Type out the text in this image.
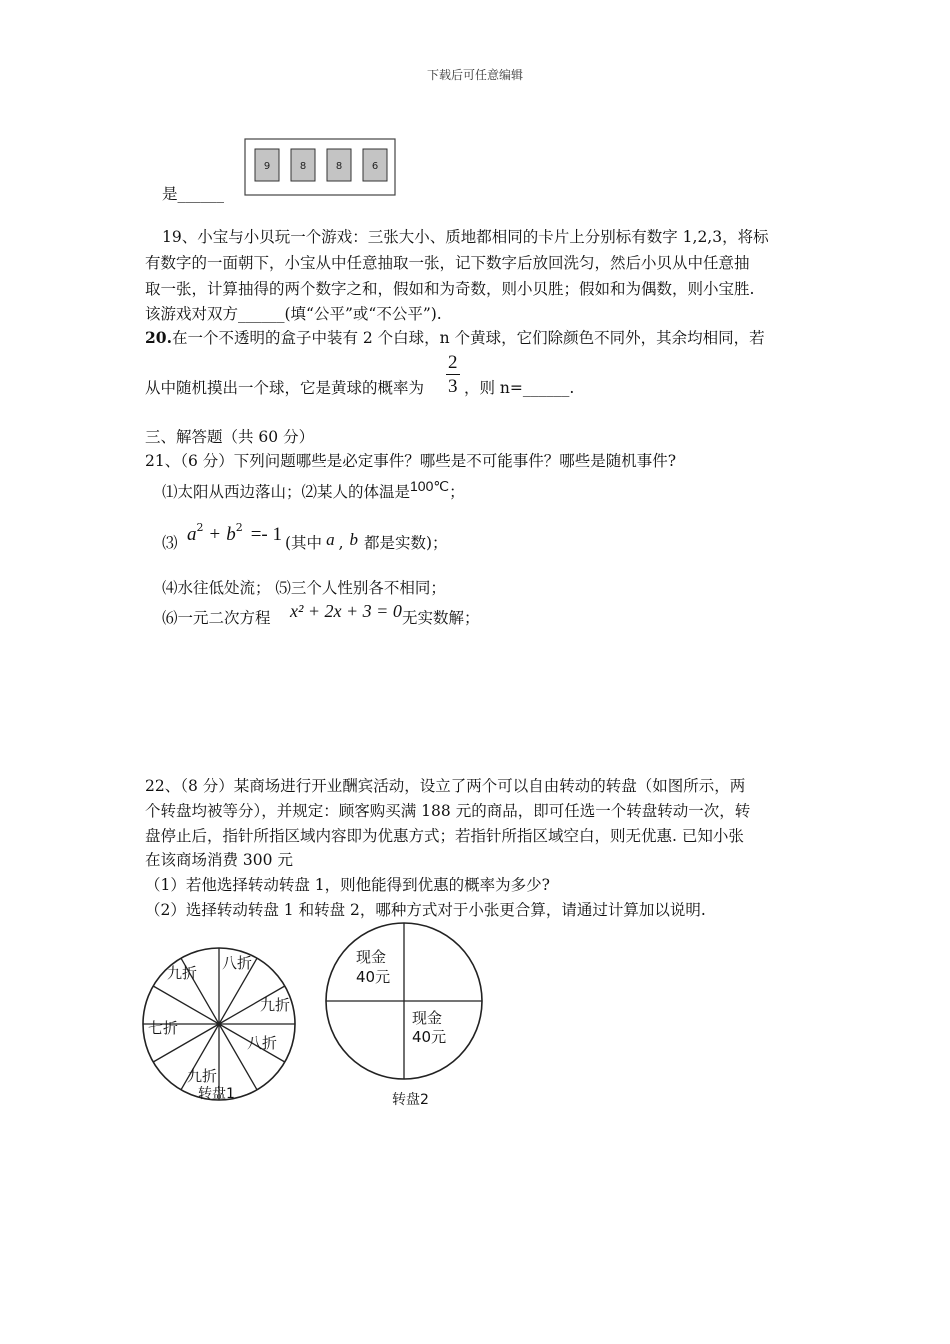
下载后可任意编辑
是______
9	8	8	6
19、小宝与小贝玩一个游戏：三张大小、质地都相同的卡片上分别标有数字 1,2,3，将标
有数字的一面朝下，小宝从中任意抽取一张，记下数字后放回洗匀，然后小贝从中任意抽
取一张，计算抽得的两个数字之和，假如和为奇数，则小贝胜；假如和为偶数，则小宝胜.
该游戏对双方______(填“公平”或“不公平”).
20.在一个不透明的盒子中装有 2 个白球，n 个黄球，它们除颜色不同外，其余均相同，若
2
3
从中随机摸出一个球，它是黄球的概率为	，则 n=______.
三、解答题（共 60 分）
21、（6 分）下列问题哪些是必定事件？哪些是不可能事件？哪些是随机事件?
⑴太阳从西边落山；⑵某人的体温是100℃；
⑶ $a^2 + b^2 =- 1$ (其中 a , b 都是实数)；
⑷水往低处流； ⑸三个人性别各不相同；
⑹一元二次方程 x² + 2x + 3 = 0 无实数解；
22、（8 分）某商场进行开业酬宾活动，设立了两个可以自由转动的转盘（如图所示，两
个转盘均被等分），并规定：顾客购买满 188 元的商品，即可任选一个转盘转动一次，转
盘停止后，指针所指区域内容即为优惠方式；若指针所指区域空白，则无优惠. 已知小张
在该商场消费 300 元
（1）若他选择转动转盘 1，则他能得到优惠的概率为多少?
（2）选择转动转盘 1 和转盘 2，哪种方式对于小张更合算，请通过计算加以说明.
八折
九折
九折
七折
八折
九折
转盘1
现金
40元
现金
40元
转盘2
